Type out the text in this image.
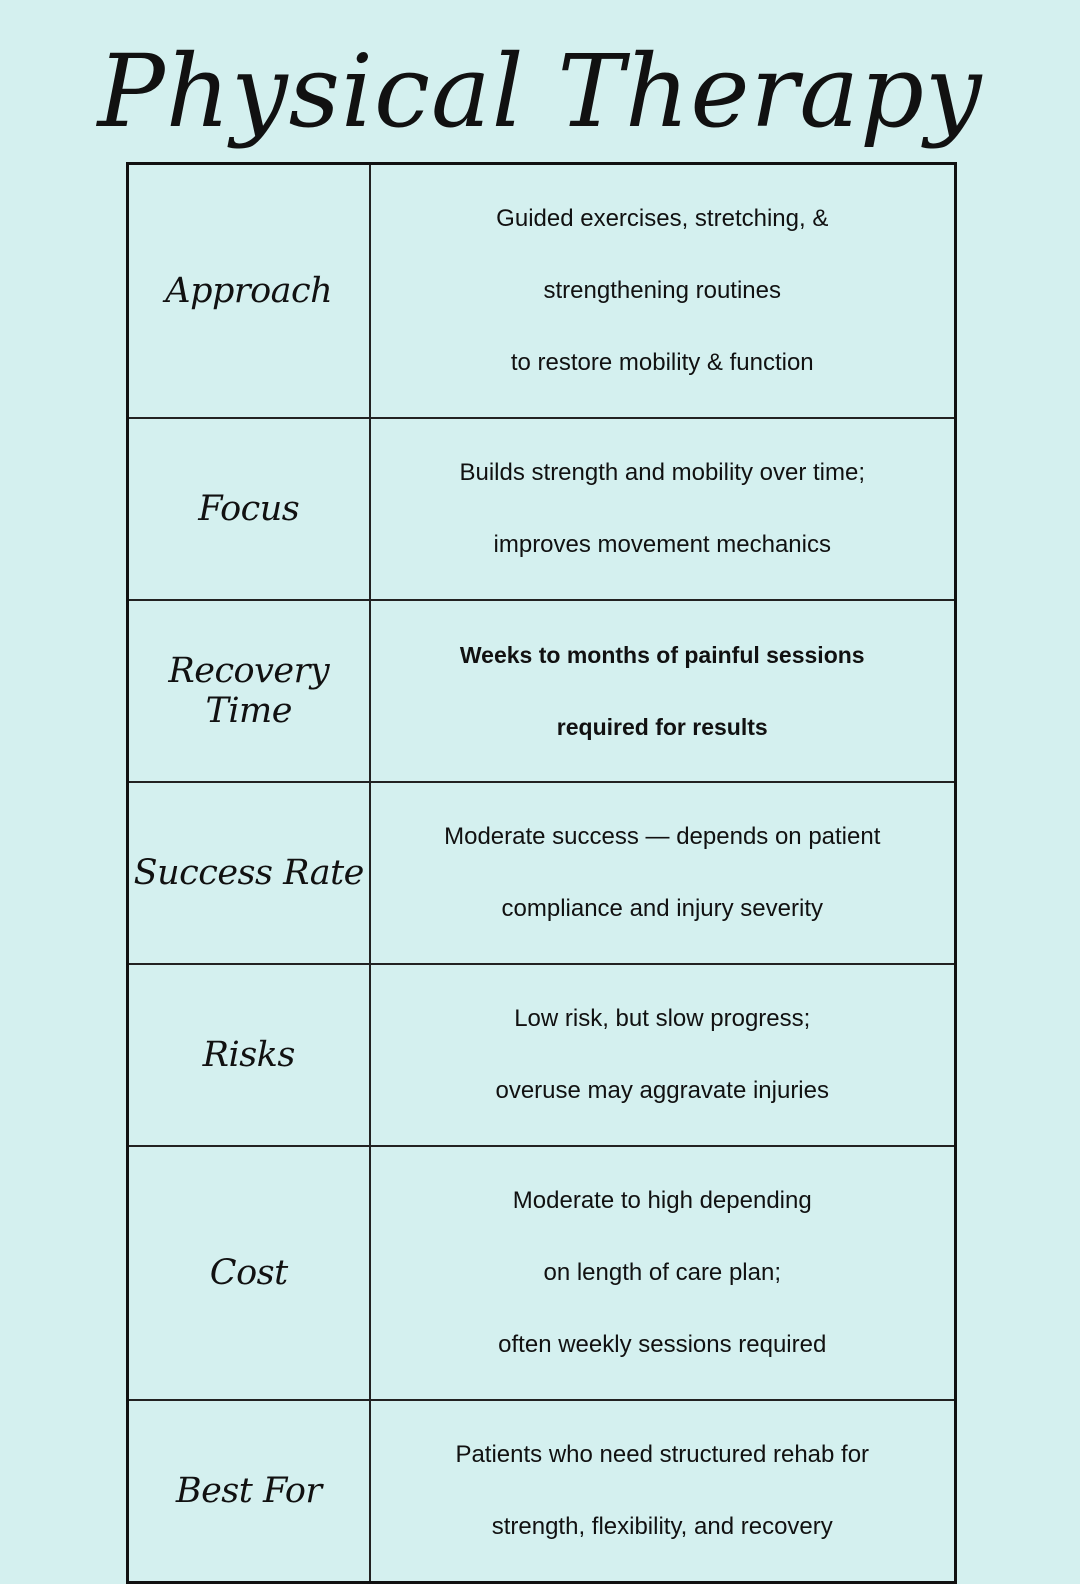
Physical Therapy
Approach	Guided exercises, stretching, &

strengthening routines

to restore mobility & function

Focus	Builds strength and mobility over time;

improves movement mechanics

Recovery Time	Weeks to months of painful sessions

required for results

Success Rate	Moderate success — depends on patient

compliance and injury severity

Risks	Low risk, but slow progress;

overuse may aggravate injuries

Cost	Moderate to high depending

on length of care plan;

often weekly sessions required

Best For	Patients who need structured rehab for

strength, flexibility, and recovery
